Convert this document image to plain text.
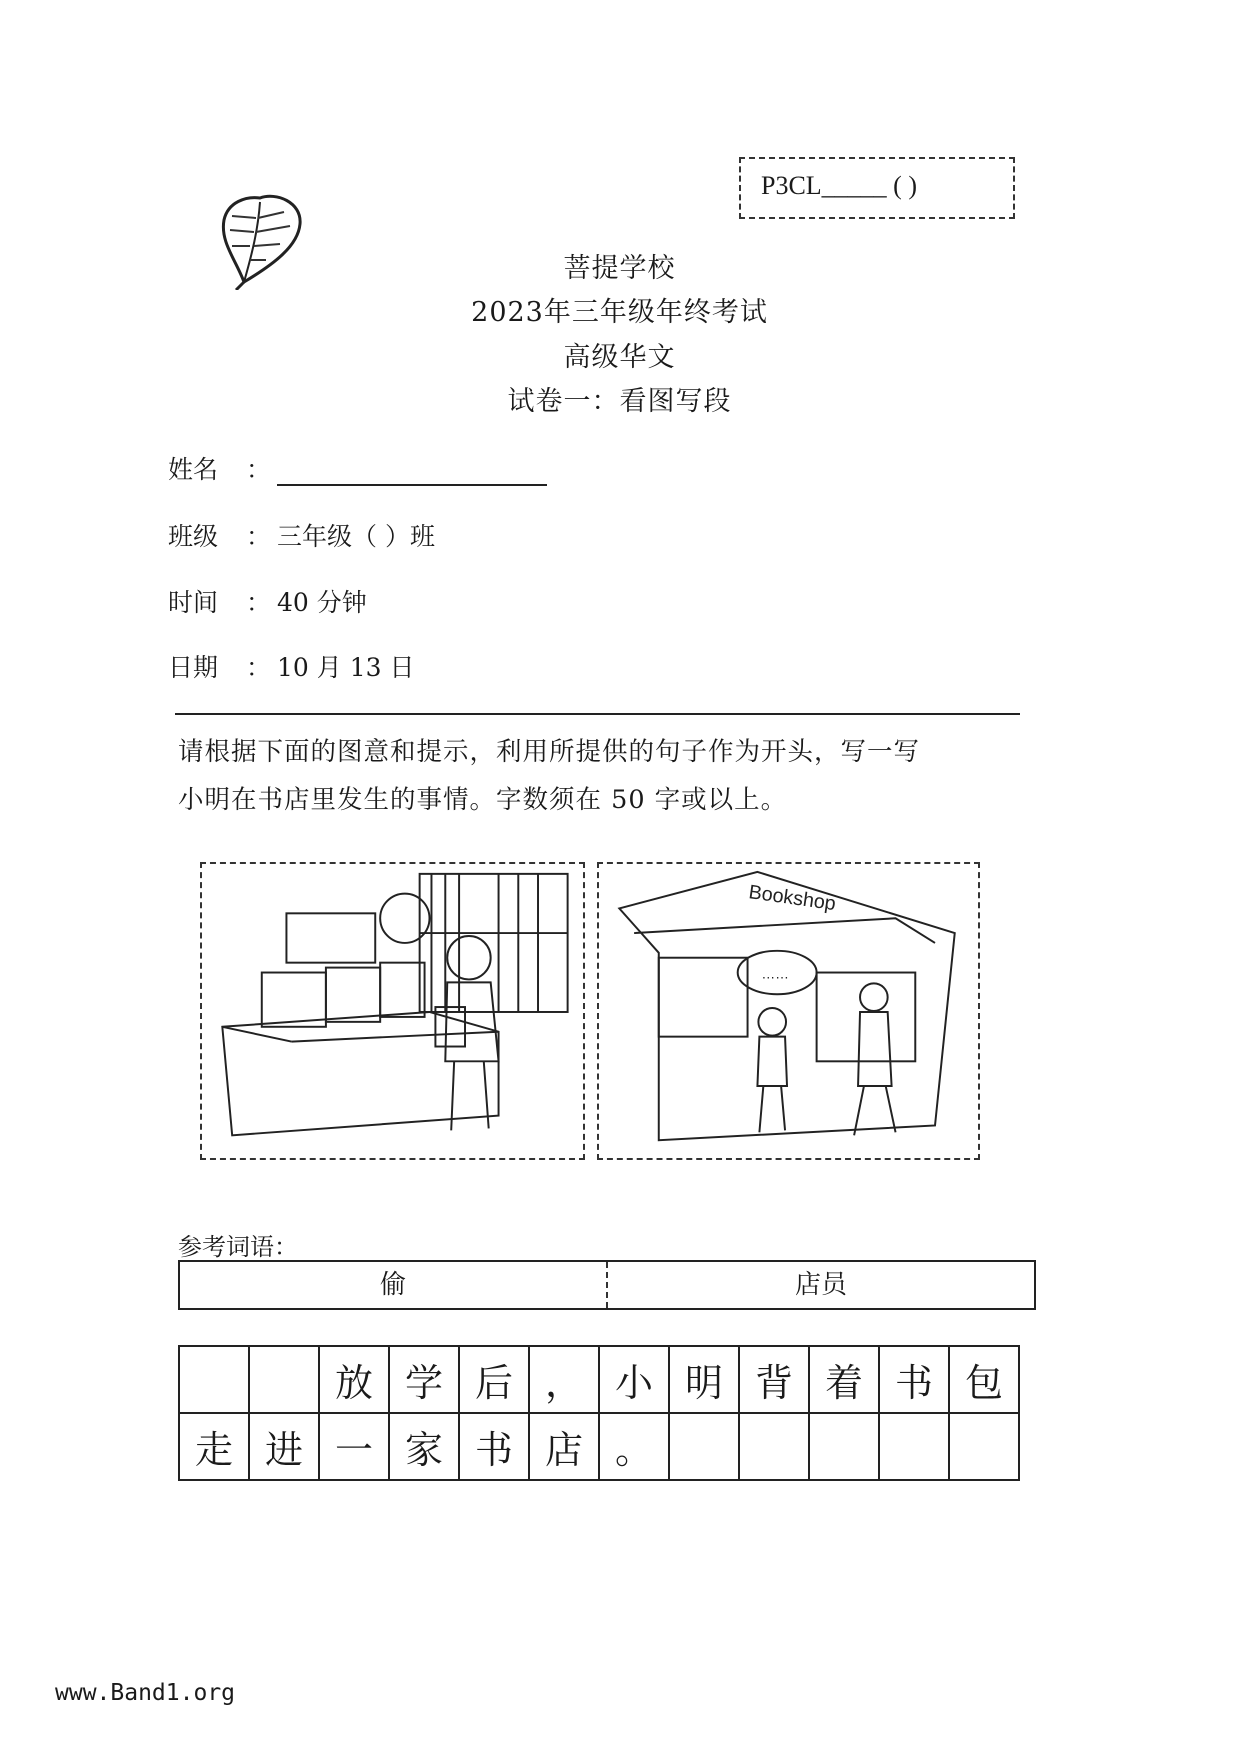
P3CL_____ ( )
菩提学校
2023年三年级年终考试
高级华文
试卷一：看图写段
姓名 ：
班级 ： 三年级（ ）班
时间 ： 40 分钟
日期 ： 10 月 13 日
请根据下面的图意和提示，利用所提供的句子作为开头，写一写
小明在书店里发生的事情。字数须在 50 字或以上。
Bookshop
……
参考词语：
偷	店员
		放	学	后	，	小	明	背	着	书	包
走	进	一	家	书	店	。					
www.Band1.org
